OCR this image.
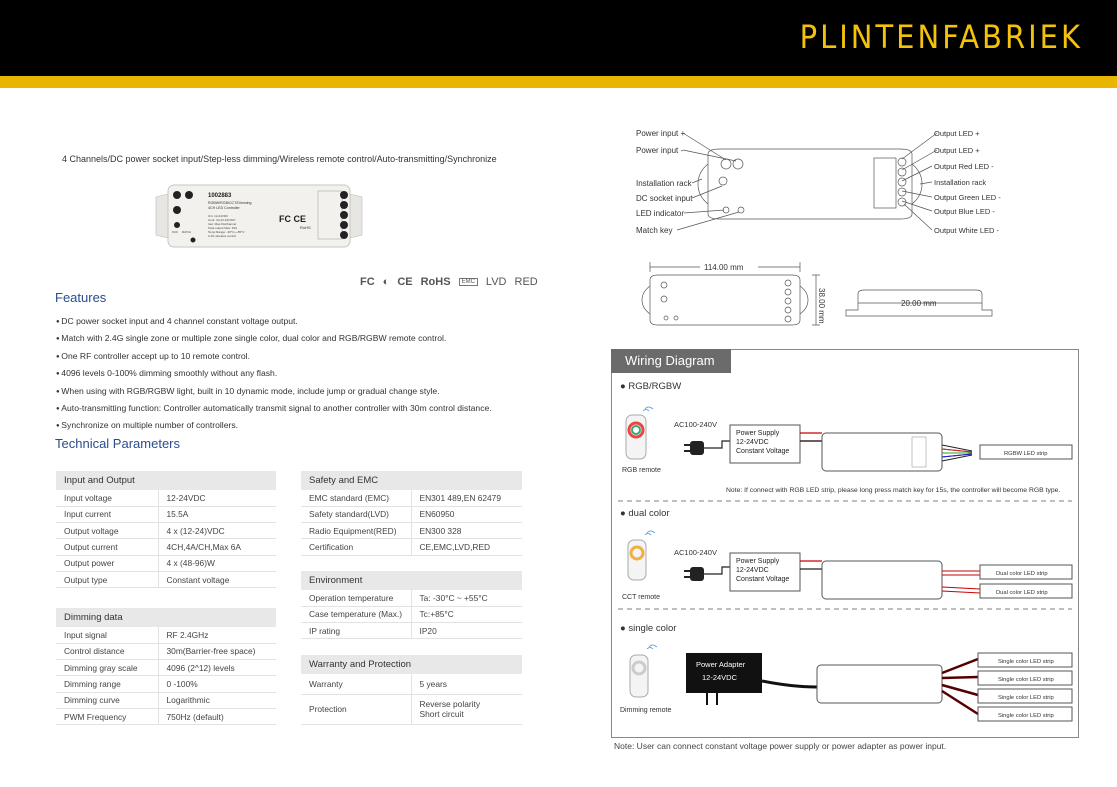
PLINTENFABRIEK
4 Channels/DC power socket input/Step-less dimming/Wireless remote control/Auto-transmitting/Synchronize
1002883
RGBW/RGB/CCT/Dimming
4CH LED Controller
Uin: 12-24VDC
Uout: 4×(12-24)VDC
Iout: Max.6A/channel
Total output Max: 15A
Temp Range: -30°C~+55°C
2.4G wireless control
FC CE
RoHS
RUN MATCH
FC ◐ CE RoHS	EMC LVD RED
Features
● DC power socket input and 4 channel constant voltage output.
● Match with 2.4G single zone or multiple zone single color, dual color and RGB/RGBW remote control.
● One RF controller accept up to 10 remote control.
● 4096 levels 0-100% dimming smoothly without any flash.
● When using with RGB/RGBW light, built in 10 dynamic mode, include jump or gradual change style.
● Auto-transmitting function: Controller automatically transmit signal to another controller with 30m control distance.
● Synchronize on multiple number of controllers.
Technical Parameters
Input and Output	
Input voltage	12-24VDC
Input current	15.5A
Output voltage	4 x (12-24)VDC
Output current	4CH,4A/CH,Max 6A
Output power	4 x (48-96)W
Output type	Constant voltage
Dimming data	
Input signal	RF 2.4GHz
Control distance	30m(Barrier-free space)
Dimming gray scale	4096 (2^12) levels
Dimming range	0 -100%
Dimming curve	Logarithmic
PWM Frequency	750Hz (default)
Safety and EMC	
EMC standard (EMC)	EN301 489,EN 62479
Safety standard(LVD)	EN60950
Radio Equipment(RED)	EN300 328
Certification	CE,EMC,LVD,RED
Environment	
Operation temperature	Ta: -30°C ~ +55°C
Case temperature (Max.)	Tc:+85°C
IP rating	IP20
Warranty and Protection	
Warranty	5 years
Protection	Reverse polarity
Short circuit
Power input +
Power input -
Installation rack
DC socket input
LED indicator
Match key
Output LED +
Output LED +
Output Red LED -
Installation rack
Output Green LED -
Output Blue LED -
Output White LED -
114.00 mm
38.00 mm	20.00 mm
Wiring Diagram
● RGB/RGBW
RGB remote
AC100-240V
Power Supply
12-24VDC
Constant Voltage	RGBW LED strip
Note: If connect with RGB LED strip, please long press match key for 15s, the controller will become RGB type.
● dual color
CCT remote
AC100-240V
Power Supply
12-24VDC
Constant Voltage
Dual color LED strip
Dual color LED strip
● single color
Dimming remote
Power Adapter
12-24VDC
Single color LED strip
Single color LED strip
Single color LED strip
Single color LED strip
Note: User can connect constant voltage power supply or power adapter as power input.
